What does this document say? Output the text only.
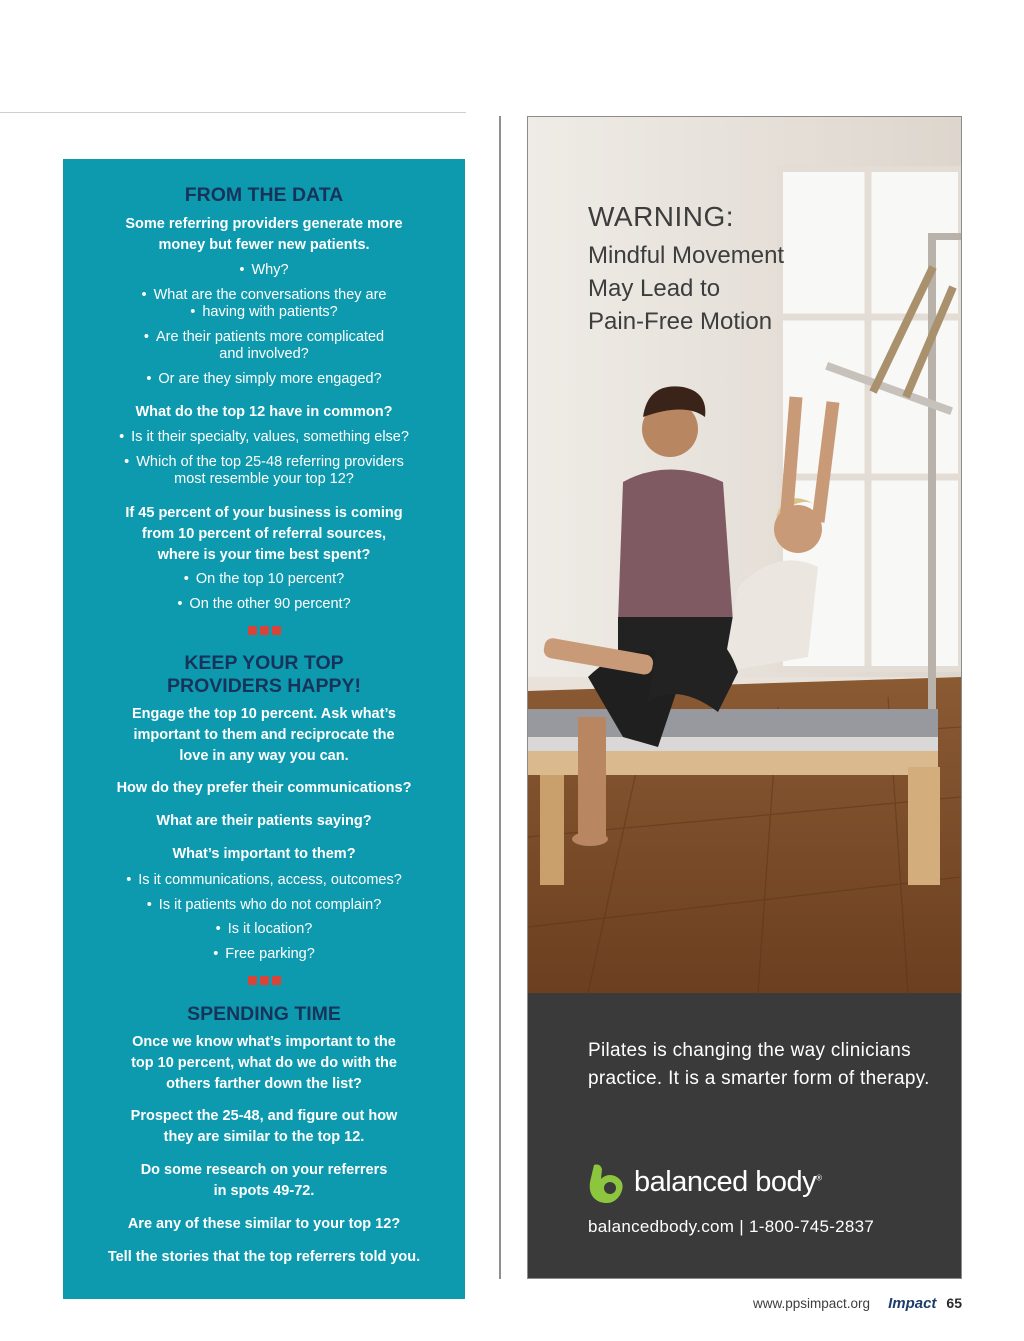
FROM THE DATA

Some referring providers generate more

money but fewer new patients.

• Why?

• What are the conversations they are

• having with patients?

• Are their patients more complicated

and involved?

• Or are they simply more engaged?

What do the top 12 have in common?

• Is it their specialty, values, something else?

• Which of the top 25-48 referring providers

most resemble your top 12?

If 45 percent of your business is coming

from 10 percent of referral sources,

where is your time best spent?

• On the top 10 percent?

• On the other 90 percent?

KEEP YOUR TOP

PROVIDERS HAPPY!

Engage the top 10 percent. Ask what’s

important to them and reciprocate the

love in any way you can.

How do they prefer their communications?

What are their patients saying?

What’s important to them?

• Is it communications, access, outcomes?

• Is it patients who do not complain?

• Is it location?

• Free parking?

SPENDING TIME

Once we know what’s important to the

top 10 percent, what do we do with the

others farther down the list?

Prospect the 25-48, and figure out how

they are similar to the top 12.

Do some research on your referrers

in spots 49-72.

Are any of these similar to your top 12?

Tell the stories that the top referrers told you.

WARNING:

Mindful Movement

May Lead to

Pain-Free Motion

Pilates is changing the way clinicians practice. It is a smarter form of therapy.

balanced body®

balancedbody.com | 1-800-745-2837

www.ppsimpact.org Impact 65
